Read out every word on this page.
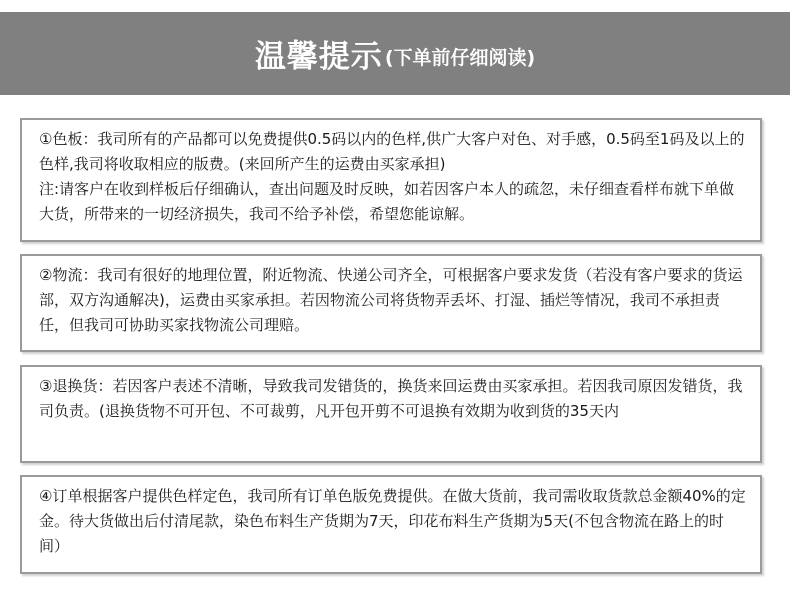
温馨提示 (下单前仔细阅读)

①色板：我司所有的产品都可以免费提供0.5码以内的色样,供广大客户对色、对手感，0.5码至1码及以上的色样,我司将收取相应的版费。(来回所产生的运费由买家承担)

注:请客户在收到样板后仔细确认，查出问题及时反映，如若因客户本人的疏忽，未仔细查看样布就下单做大货，所带来的一切经济损失，我司不给予补偿，希望您能谅解。

②物流：我司有很好的地理位置，附近物流、快递公司齐全，可根据客户要求发货（若没有客户要求的货运部，双方沟通解决)，运费由买家承担。若因物流公司将货物弄丢坏、打湿、插烂等情况，我司不承担责任，但我司可协助买家找物流公司理赔。

③退换货：若因客户表述不清晰，导致我司发错货的，换货来回运费由买家承担。若因我司原因发错货，我司负责。(退换货物不可开包、不可裁剪，凡开包开剪不可退换有效期为收到货的35天内

④订单根据客户提供色样定色，我司所有订单色版免费提供。在做大货前，我司需收取货款总金额40%的定金。待大货做出后付清尾款，染色布料生产货期为7天，印花布料生产货期为5天(不包含物流在路上的时间）
